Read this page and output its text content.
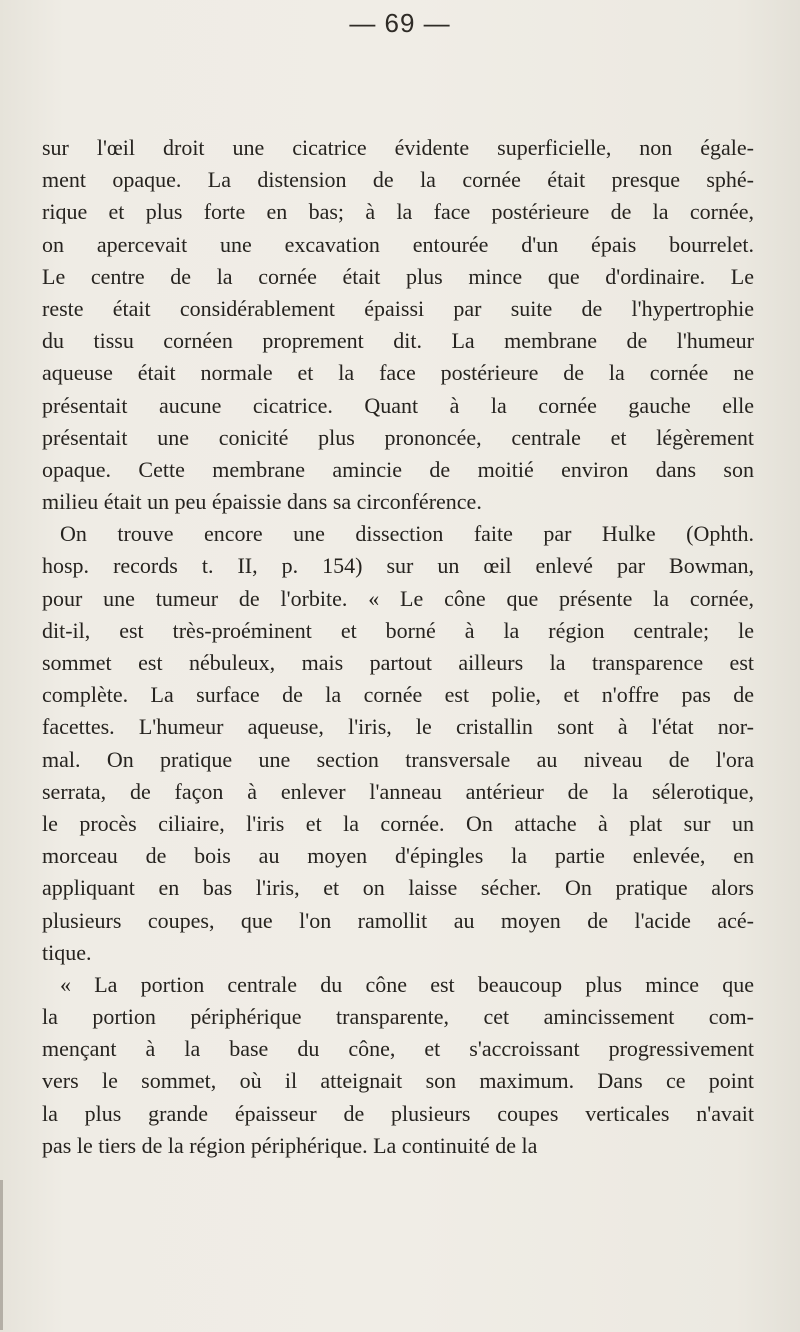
— 69 —
sur l'œil droit une cicatrice évidente superficielle, non égale-
ment opaque. La distension de la cornée était presque sphé-
rique et plus forte en bas; à la face postérieure de la cornée,
on apercevait une excavation entourée d'un épais bourrelet.
Le centre de la cornée était plus mince que d'ordinaire. Le
reste était considérablement épaissi par suite de l'hypertrophie
du tissu cornéen proprement dit. La membrane de l'humeur
aqueuse était normale et la face postérieure de la cornée ne
présentait aucune cicatrice. Quant à la cornée gauche elle
présentait une conicité plus prononcée, centrale et légèrement
opaque. Cette membrane amincie de moitié environ dans son
milieu était un peu épaissie dans sa circonférence.
On trouve encore une dissection faite par Hulke (Ophth.
hosp. records t. II, p. 154) sur un œil enlevé par Bowman,
pour une tumeur de l'orbite. « Le cône que présente la cornée,
dit-il, est très-proéminent et borné à la région centrale; le
sommet est nébuleux, mais partout ailleurs la transparence est
complète. La surface de la cornée est polie, et n'offre pas de
facettes. L'humeur aqueuse, l'iris, le cristallin sont à l'état nor-
mal. On pratique une section transversale au niveau de l'ora
serrata, de façon à enlever l'anneau antérieur de la sélerotique,
le procès ciliaire, l'iris et la cornée. On attache à plat sur un
morceau de bois au moyen d'épingles la partie enlevée, en
appliquant en bas l'iris, et on laisse sécher. On pratique alors
plusieurs coupes, que l'on ramollit au moyen de l'acide acé-
tique.
« La portion centrale du cône est beaucoup plus mince que
la portion périphérique transparente, cet amincissement com-
mençant à la base du cône, et s'accroissant progressivement
vers le sommet, où il atteignait son maximum. Dans ce point
la plus grande épaisseur de plusieurs coupes verticales n'avait
pas le tiers de la région périphérique. La continuité de la
